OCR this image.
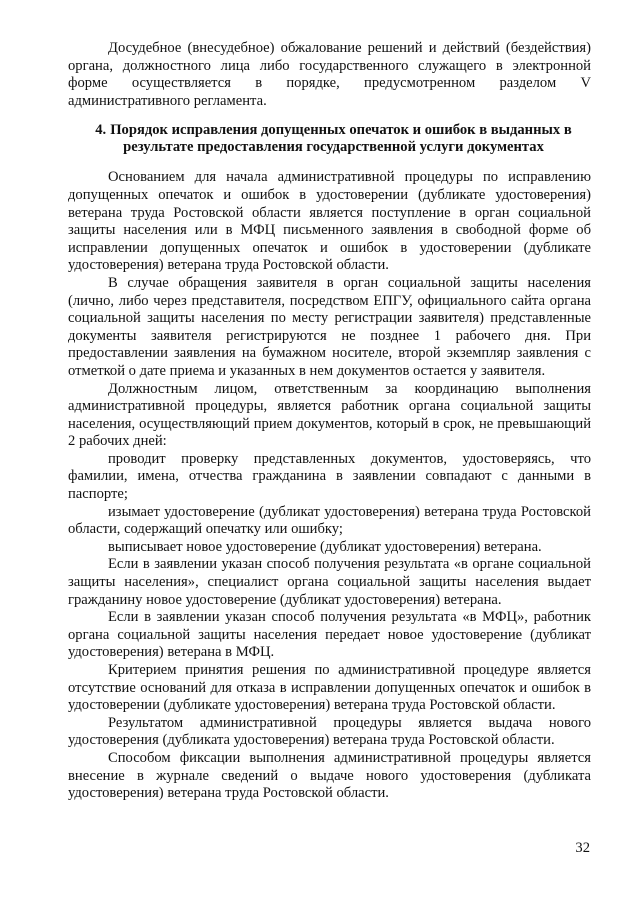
Досудебное (внесудебное) обжалование решений и действий (бездействия) органа, должностного лица либо государственного служащего в электронной форме осуществляется в порядке, предусмотренном разделом V административного регламента.

4. Порядок исправления допущенных опечаток и ошибок в выданных в результате предоставления государственной услуги документах

Основанием для начала административной процедуры по исправлению допущенных опечаток и ошибок в удостоверении (дубликате удостоверения) ветерана труда Ростовской области является поступление в орган социальной защиты населения или в МФЦ письменного заявления в свободной форме об исправлении допущенных опечаток и ошибок в удостоверении (дубликате удостоверения) ветерана труда Ростовской области.

В случае обращения заявителя в орган социальной защиты населения (лично, либо через представителя, посредством ЕПГУ, официального сайта органа социальной защиты населения по месту регистрации заявителя) представленные документы заявителя регистрируются не позднее 1 рабочего дня. При предоставлении заявления на бумажном носителе, второй экземпляр заявления с отметкой о дате приема и указанных в нем документов остается у заявителя.

Должностным лицом, ответственным за координацию выполнения административной процедуры, является работник органа социальной защиты населения, осуществляющий прием документов, который в срок, не превышающий 2 рабочих дней:

проводит проверку представленных документов, удостоверяясь, что фамилии, имена, отчества гражданина в заявлении совпадают с данными в паспорте;

изымает удостоверение (дубликат удостоверения) ветерана труда Ростовской области, содержащий опечатку или ошибку;

выписывает новое удостоверение (дубликат удостоверения) ветерана.

Если в заявлении указан способ получения результата «в органе социальной защиты населения», специалист органа социальной защиты населения выдает гражданину новое удостоверение (дубликат удостоверения) ветерана.

Если в заявлении указан способ получения результата «в МФЦ», работник органа социальной защиты населения передает новое удостоверение (дубликат удостоверения) ветерана в МФЦ.

Критерием принятия решения по административной процедуре является отсутствие оснований для отказа в исправлении допущенных опечаток и ошибок в удостоверении (дубликате удостоверения) ветерана труда Ростовской области.

Результатом административной процедуры является выдача нового удостоверения (дубликата удостоверения) ветерана труда Ростовской области.

Способом фиксации выполнения административной процедуры является внесение в журнале сведений о выдаче нового удостоверения (дубликата удостоверения) ветерана труда Ростовской области.

32
